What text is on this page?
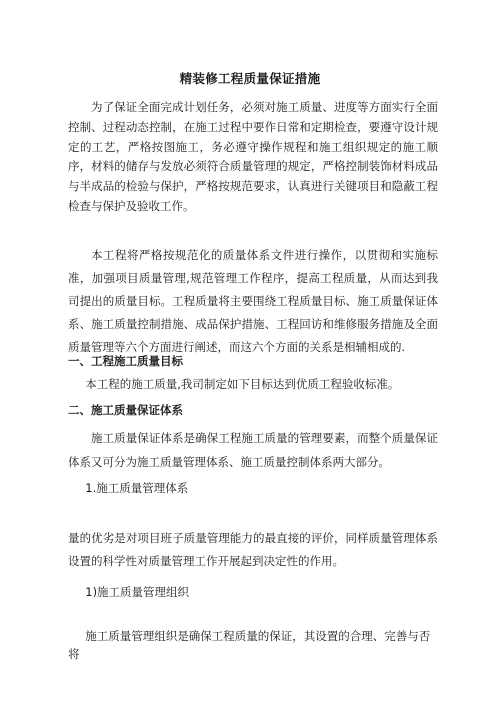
精装修工程质量保证措施

为了保证全面完成计划任务，必须对施工质量、进度等方面实行全面控制、过程动态控制，在施工过程中要作日常和定期检查，要遵守设计规定的工艺，严格按图施工，务必遵守操作规程和施工组织规定的施工顺序，材料的储存与发放必须符合质量管理的规定，严格控制装饰材料成品与半成品的检验与保护，严格按规范要求，认真进行关键项目和隐蔽工程检查与保护及验收工作。

本工程将严格按规范化的质量体系文件进行操作，以贯彻和实施标准，加强项目质量管理,规范管理工作程序，提高工程质量，从而达到我司提出的质量目标。工程质量将主要围绕工程质量目标、施工质量保证体系、施工质量控制措施、成品保护措施、工程回访和维修服务措施及全面质量管理等六个方面进行阐述，而这六个方面的关系是相辅相成的.

一、工程施工质量目标

本工程的施工质量,我司制定如下目标达到优质工程验收标准。

二、施工质量保证体系

施工质量保证体系是确保工程施工质量的管理要素，而整个质量保证体系又可分为施工质量管理体系、施工质量控制体系两大部分。

1.施工质量管理体系

量的优劣是对项目班子质量管理能力的最直接的评价，同样质量管理体系设置的科学性对质量管理工作开展起到决定性的作用。

1)施工质量管理组织

施工质量管理组织是确保工程质量的保证，其设置的合理、完善与否将
